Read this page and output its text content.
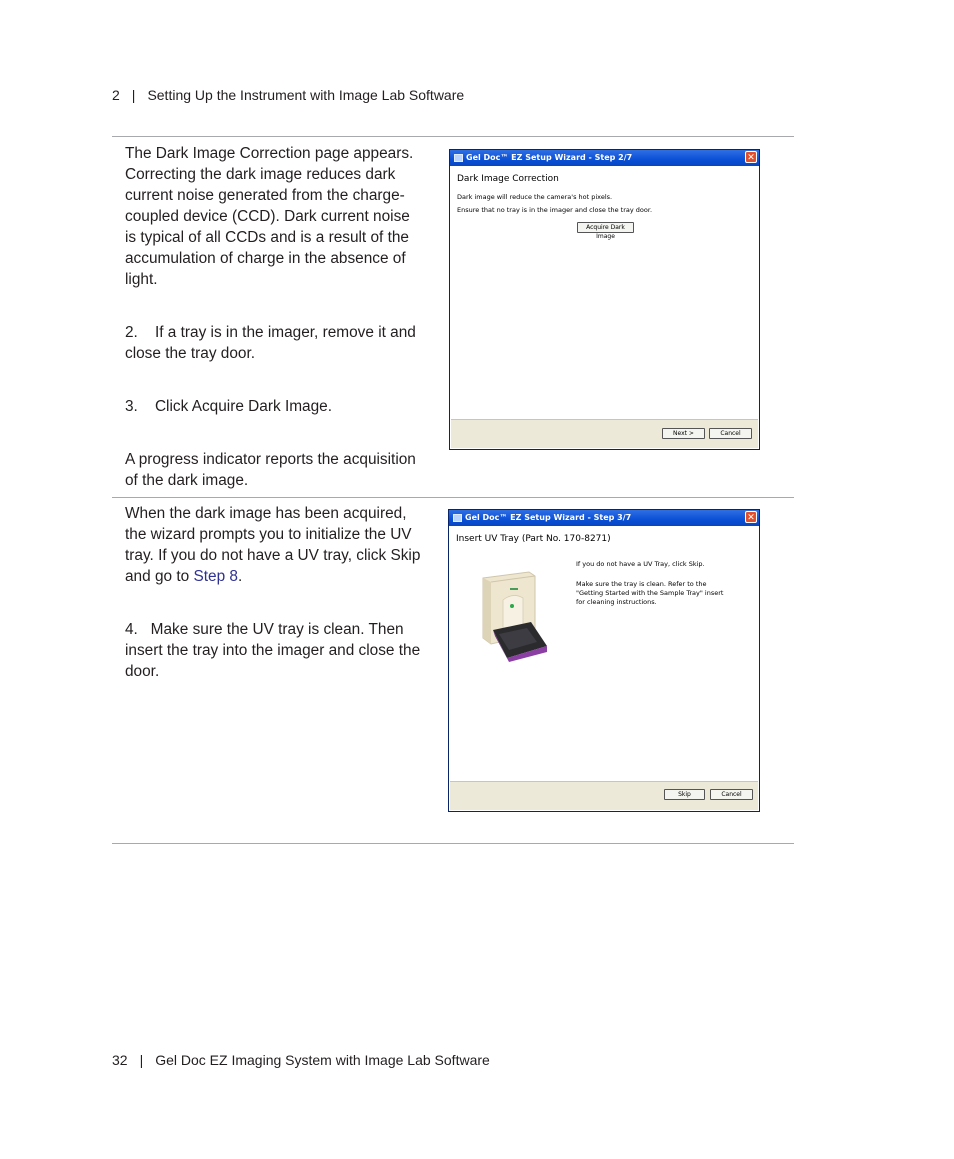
2 | Setting Up the Instrument with Image Lab Software

The Dark Image Correction page appears. Correcting the dark image reduces dark current noise generated from the charge-coupled device (CCD). Dark current noise is typical of all CCDs and is a result of the accumulation of charge in the absence of light.

2.    If a tray is in the imager, remove it and close the tray door.

3.    Click Acquire Dark Image.

A progress indicator reports the acquisition of the dark image.

Gel Doc™ EZ Setup Wizard - Step 2/7	✕
Dark Image Correction
Dark image will reduce the camera's hot pixels.
Ensure that no tray is in the imager and close the tray door.
Acquire Dark Image
Next >	Cancel

When the dark image has been acquired, the wizard prompts you to initialize the UV tray. If you do not have a UV tray, click Skip and go to Step 8.

4.   Make sure the UV tray is clean. Then insert the tray into the imager and close the door.

Gel Doc™ EZ Setup Wizard - Step 3/7	✕
Insert UV Tray (Part No. 170-8271)
If you do not have a UV Tray, click Skip.
Make sure the tray is clean. Refer to the
"Getting Started with the Sample Tray" insert
for cleaning instructions.
Skip	Cancel
32 | Gel Doc EZ Imaging System with Image Lab Software
